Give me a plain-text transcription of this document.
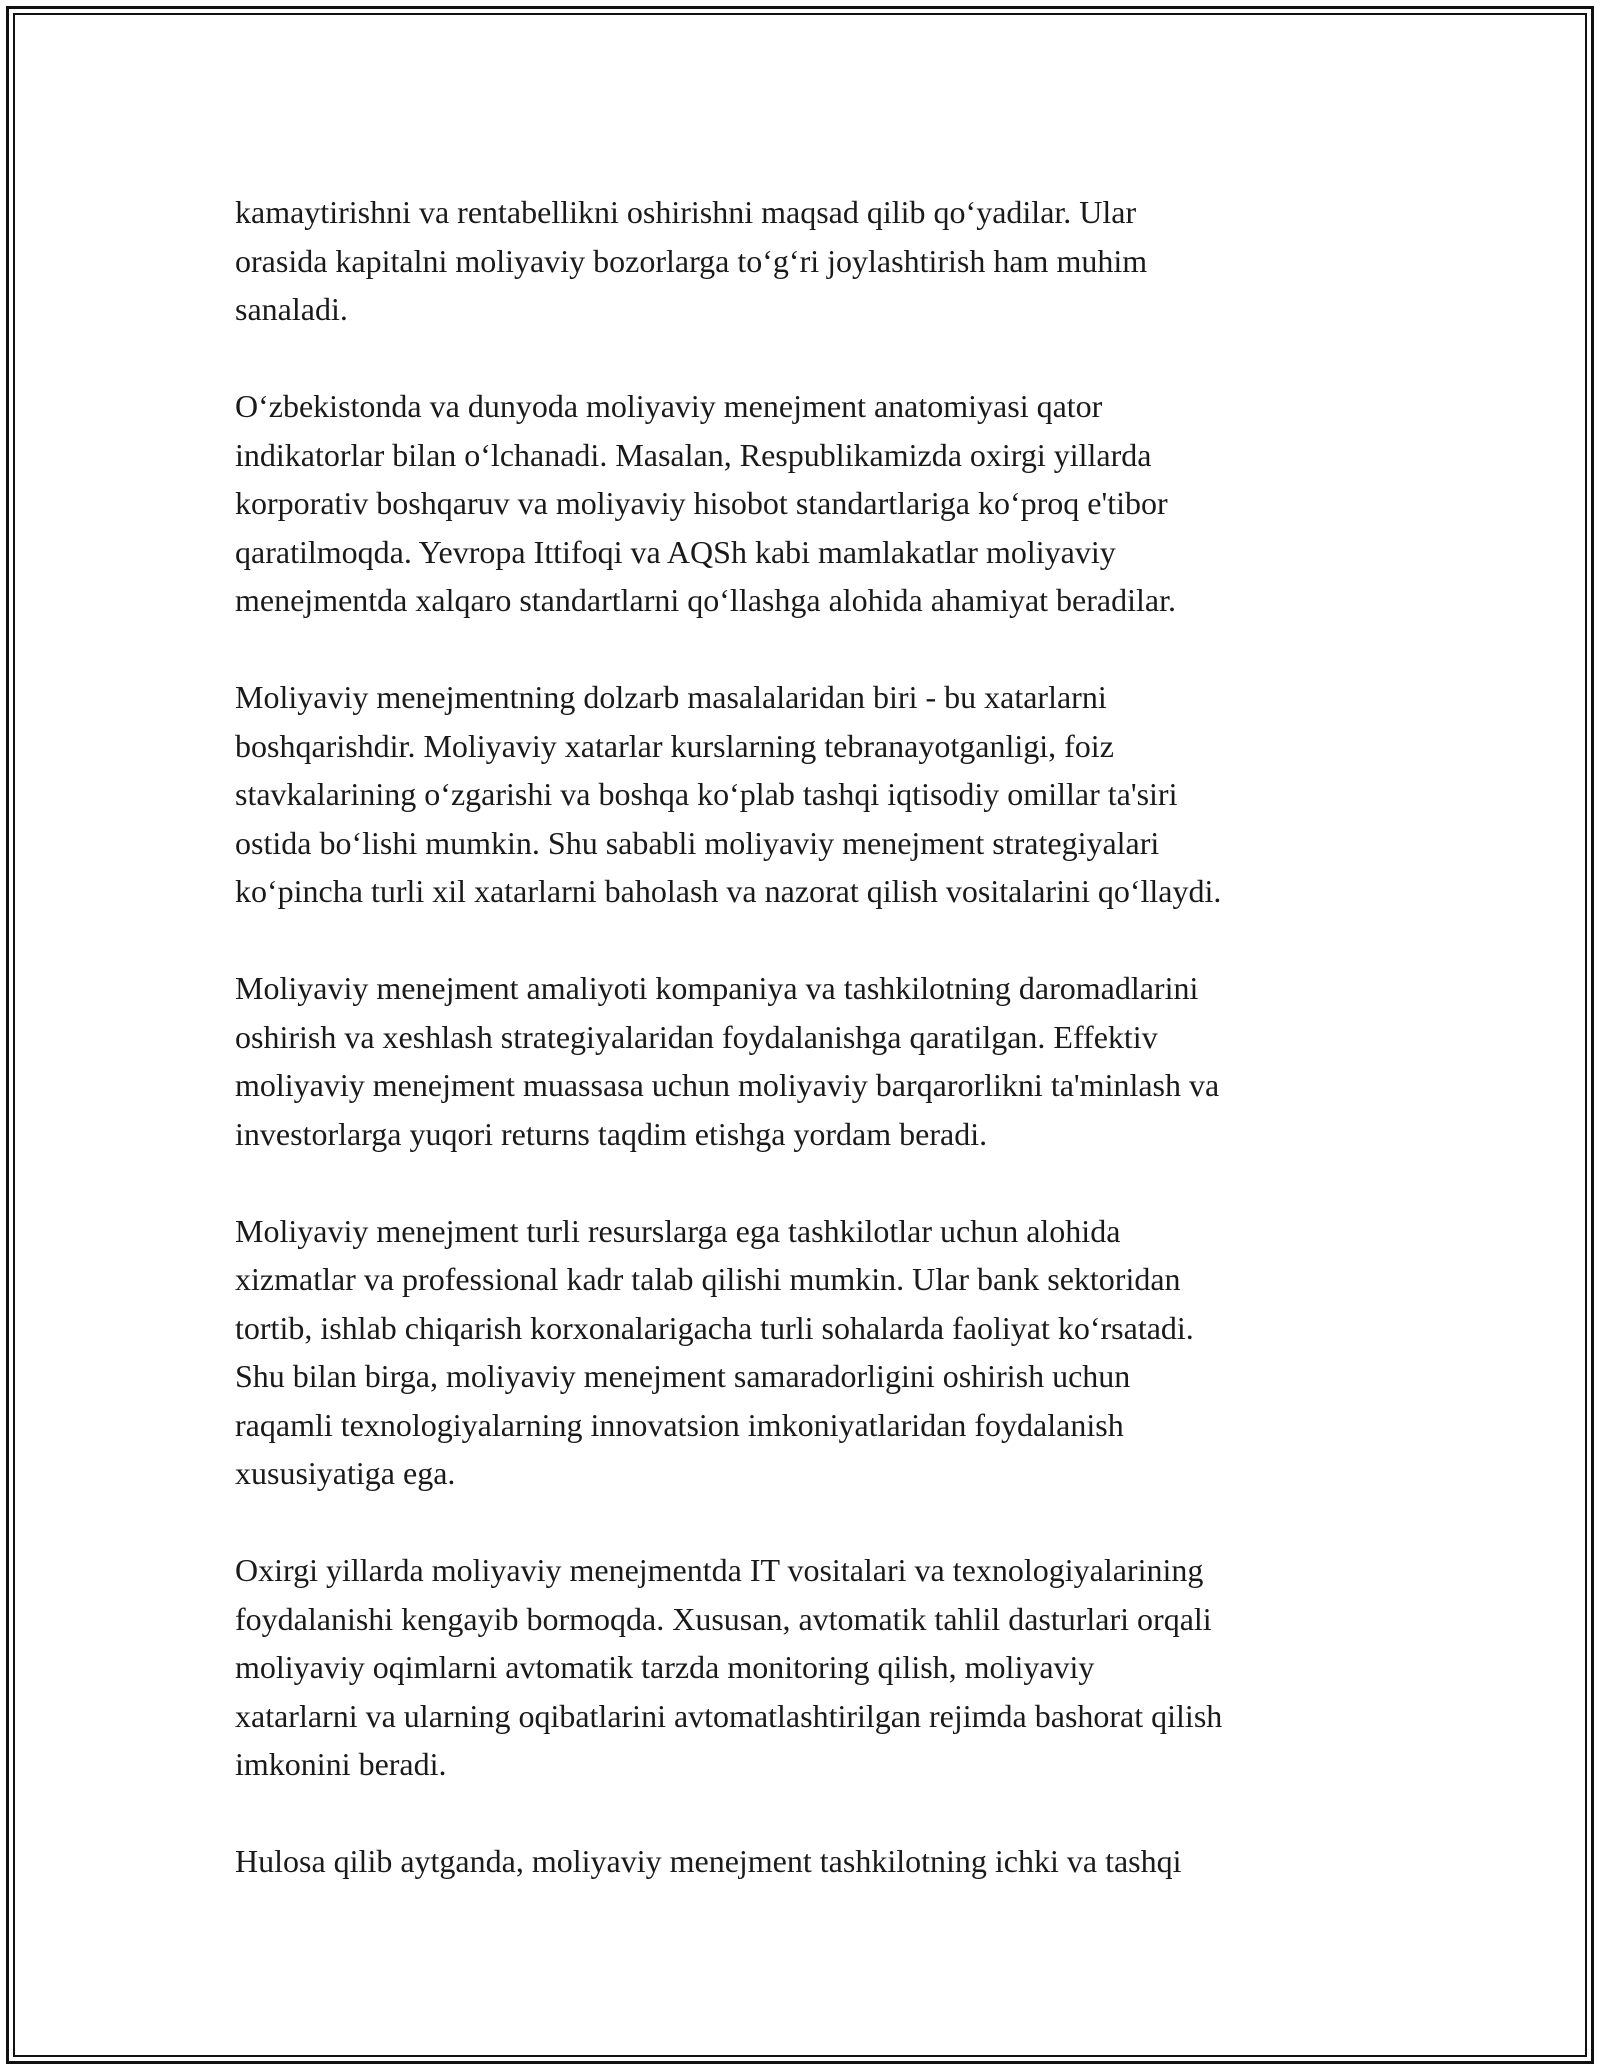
kamaytirishni va rentabellikni oshirishni maqsad qilib qo‘yadilar. Ular
orasida kapitalni moliyaviy bozorlarga to‘g‘ri joylashtirish ham muhim
sanaladi.

O‘zbekistonda va dunyoda moliyaviy menejment anatomiyasi qator
indikatorlar bilan o‘lchanadi. Masalan, Respublikamizda oxirgi yillarda
korporativ boshqaruv va moliyaviy hisobot standartlariga ko‘proq e'tibor
qaratilmoqda. Yevropa Ittifoqi va AQSh kabi mamlakatlar moliyaviy
menejmentda xalqaro standartlarni qo‘llashga alohida ahamiyat beradilar.

Moliyaviy menejmentning dolzarb masalalaridan biri - bu xatarlarni
boshqarishdir. Moliyaviy xatarlar kurslarning tebranayotganligi, foiz
stavkalarining o‘zgarishi va boshqa ko‘plab tashqi iqtisodiy omillar ta'siri
ostida bo‘lishi mumkin. Shu sababli moliyaviy menejment strategiyalari
ko‘pincha turli xil xatarlarni baholash va nazorat qilish vositalarini qo‘llaydi.

Moliyaviy menejment amaliyoti kompaniya va tashkilotning daromadlarini
oshirish va xeshlash strategiyalaridan foydalanishga qaratilgan. Effektiv
moliyaviy menejment muassasa uchun moliyaviy barqarorlikni ta'minlash va
investorlarga yuqori returns taqdim etishga yordam beradi.

Moliyaviy menejment turli resurslarga ega tashkilotlar uchun alohida
xizmatlar va professional kadr talab qilishi mumkin. Ular bank sektoridan
tortib, ishlab chiqarish korxonalarigacha turli sohalarda faoliyat ko‘rsatadi.
Shu bilan birga, moliyaviy menejment samaradorligini oshirish uchun
raqamli texnologiyalarning innovatsion imkoniyatlaridan foydalanish
xususiyatiga ega.

Oxirgi yillarda moliyaviy menejmentda IT vositalari va texnologiyalarining
foydalanishi kengayib bormoqda. Xususan, avtomatik tahlil dasturlari orqali
moliyaviy oqimlarni avtomatik tarzda monitoring qilish, moliyaviy
xatarlarni va ularning oqibatlarini avtomatlashtirilgan rejimda bashorat qilish
imkonini beradi.

Hulosa qilib aytganda, moliyaviy menejment tashkilotning ichki va tashqi
